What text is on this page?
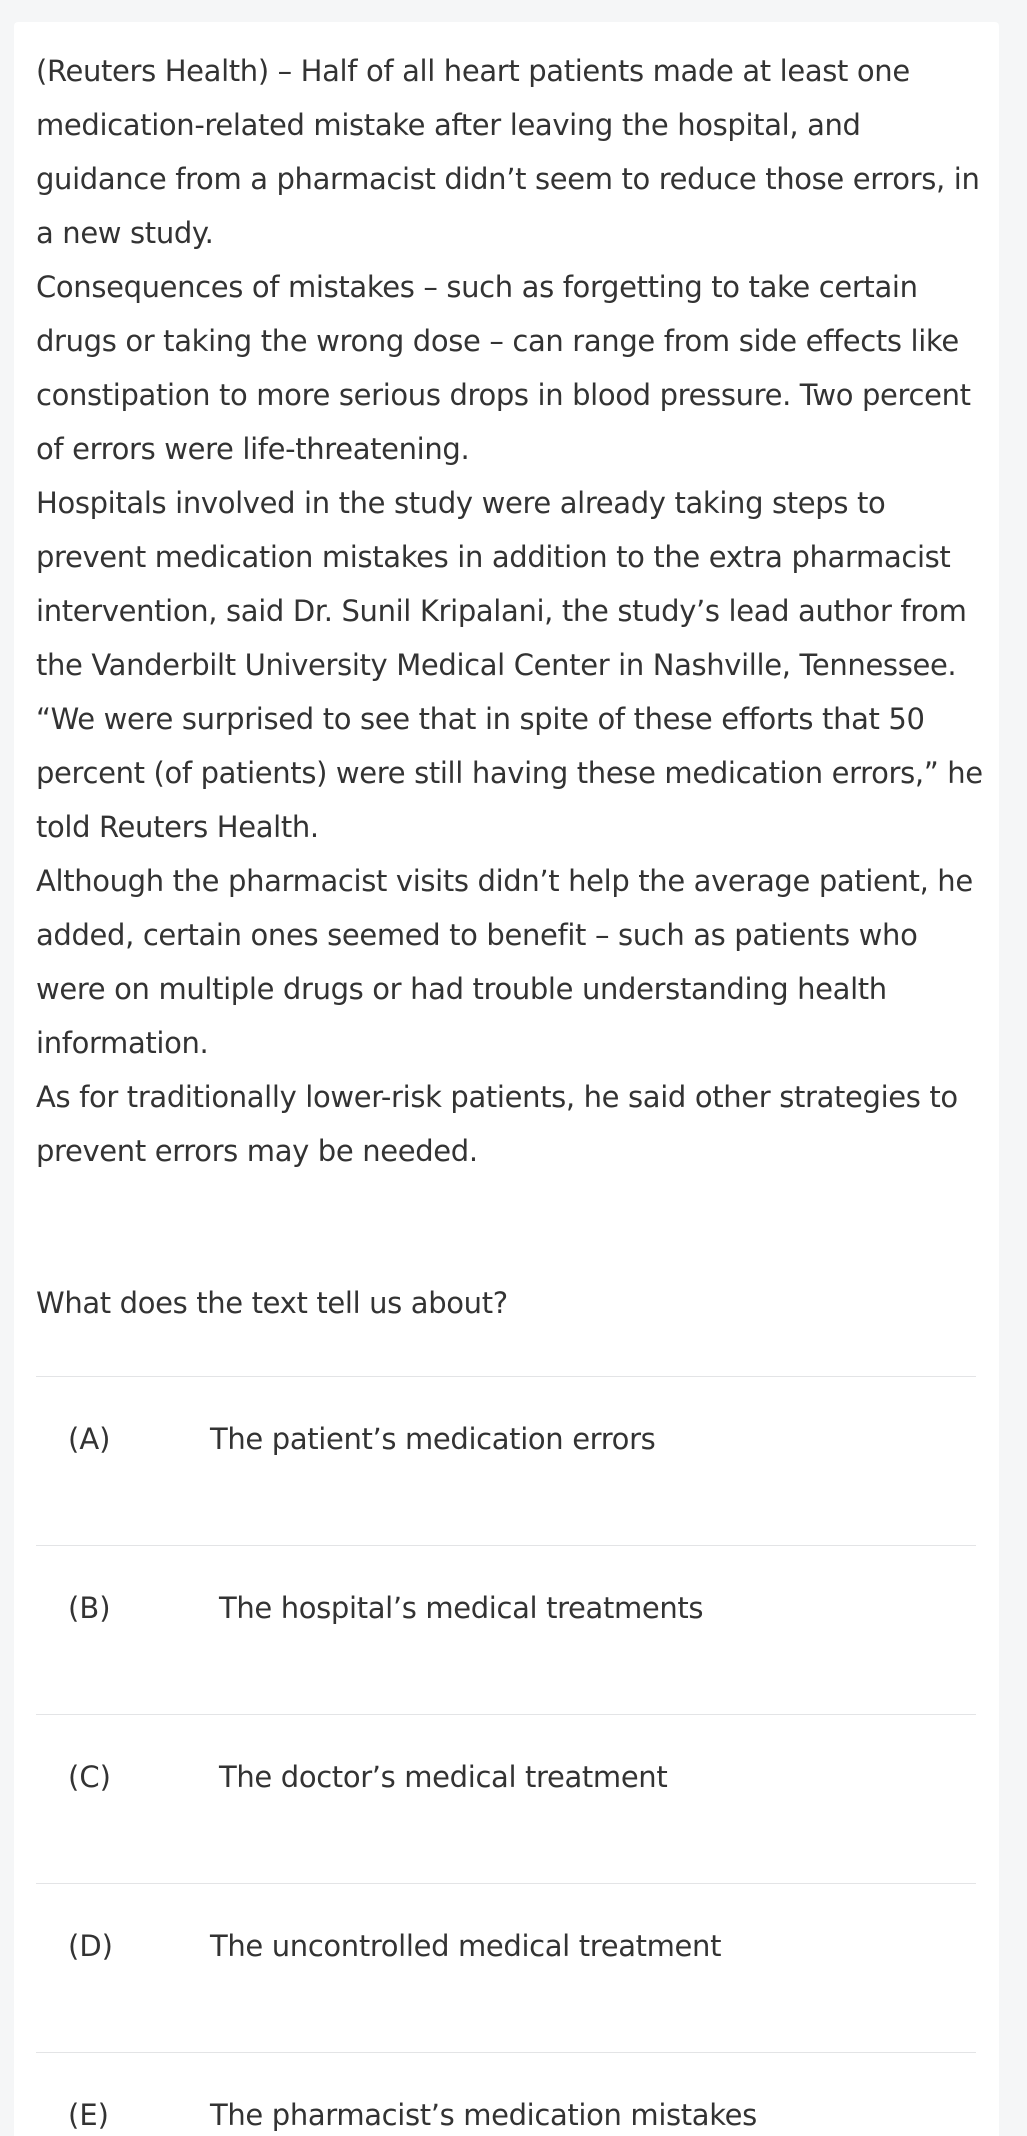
(Reuters Health) – Half of all heart patients made at least one medication-related mistake after leaving the hospital, and guidance from a pharmacist didn’t seem to reduce those errors, in a new study.

Consequences of mistakes – such as forgetting to take certain drugs or taking the wrong dose – can range from side effects like constipation to more serious drops in blood pressure. Two percent of errors were life-threatening.

Hospitals involved in the study were already taking steps to prevent medication mistakes in addition to the extra pharmacist intervention, said Dr. Sunil Kripalani, the study’s lead author from the Vanderbilt University Medical Center in Nashville, Tennessee.

“We were surprised to see that in spite of these efforts that 50 percent (of patients) were still having these medication errors,” he told Reuters Health.

Although the pharmacist visits didn’t help the average patient, he added, certain ones seemed to benefit – such as patients who were on multiple drugs or had trouble understanding health information.

As for traditionally lower-risk patients, he said other strategies to prevent errors may be needed.

What does the text tell us about?
(A)	The patient’s medication errors
(B)	The hospital’s medical treatments
(C)	The doctor’s medical treatment
(D)	The uncontrolled medical treatment
(E)	The pharmacist’s medication mistakes
